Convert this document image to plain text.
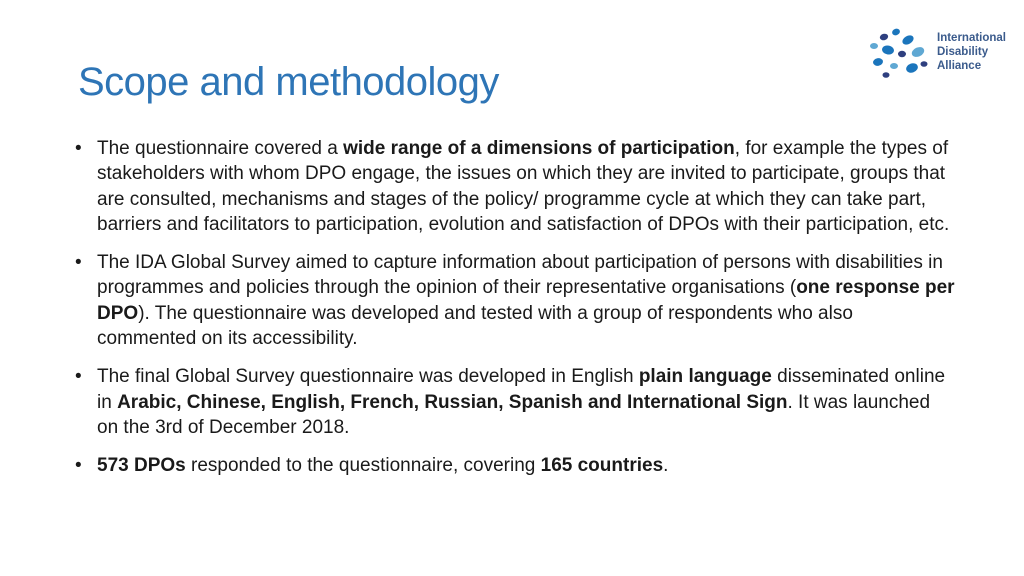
Scope and methodology
International
Disability
Alliance
• The questionnaire covered a wide range of a dimensions of participation, for example the types of stakeholders with whom DPO engage, the issues on which they are invited to participate, groups that are consulted, mechanisms and stages of the policy/ programme cycle at which they can take part, barriers and facilitators to participation, evolution and satisfaction of DPOs with their participation, etc.
• The IDA Global Survey aimed to capture information about participation of persons with disabilities in programmes and policies through the opinion of their representative organisations (one response per DPO). The questionnaire was developed and tested with a group of respondents who also commented on its accessibility.
• The final Global Survey questionnaire was developed in English plain language disseminated online in Arabic, Chinese, English, French, Russian, Spanish and International Sign. It was launched on the 3rd of December 2018.
• 573 DPOs responded to the questionnaire, covering 165 countries.
